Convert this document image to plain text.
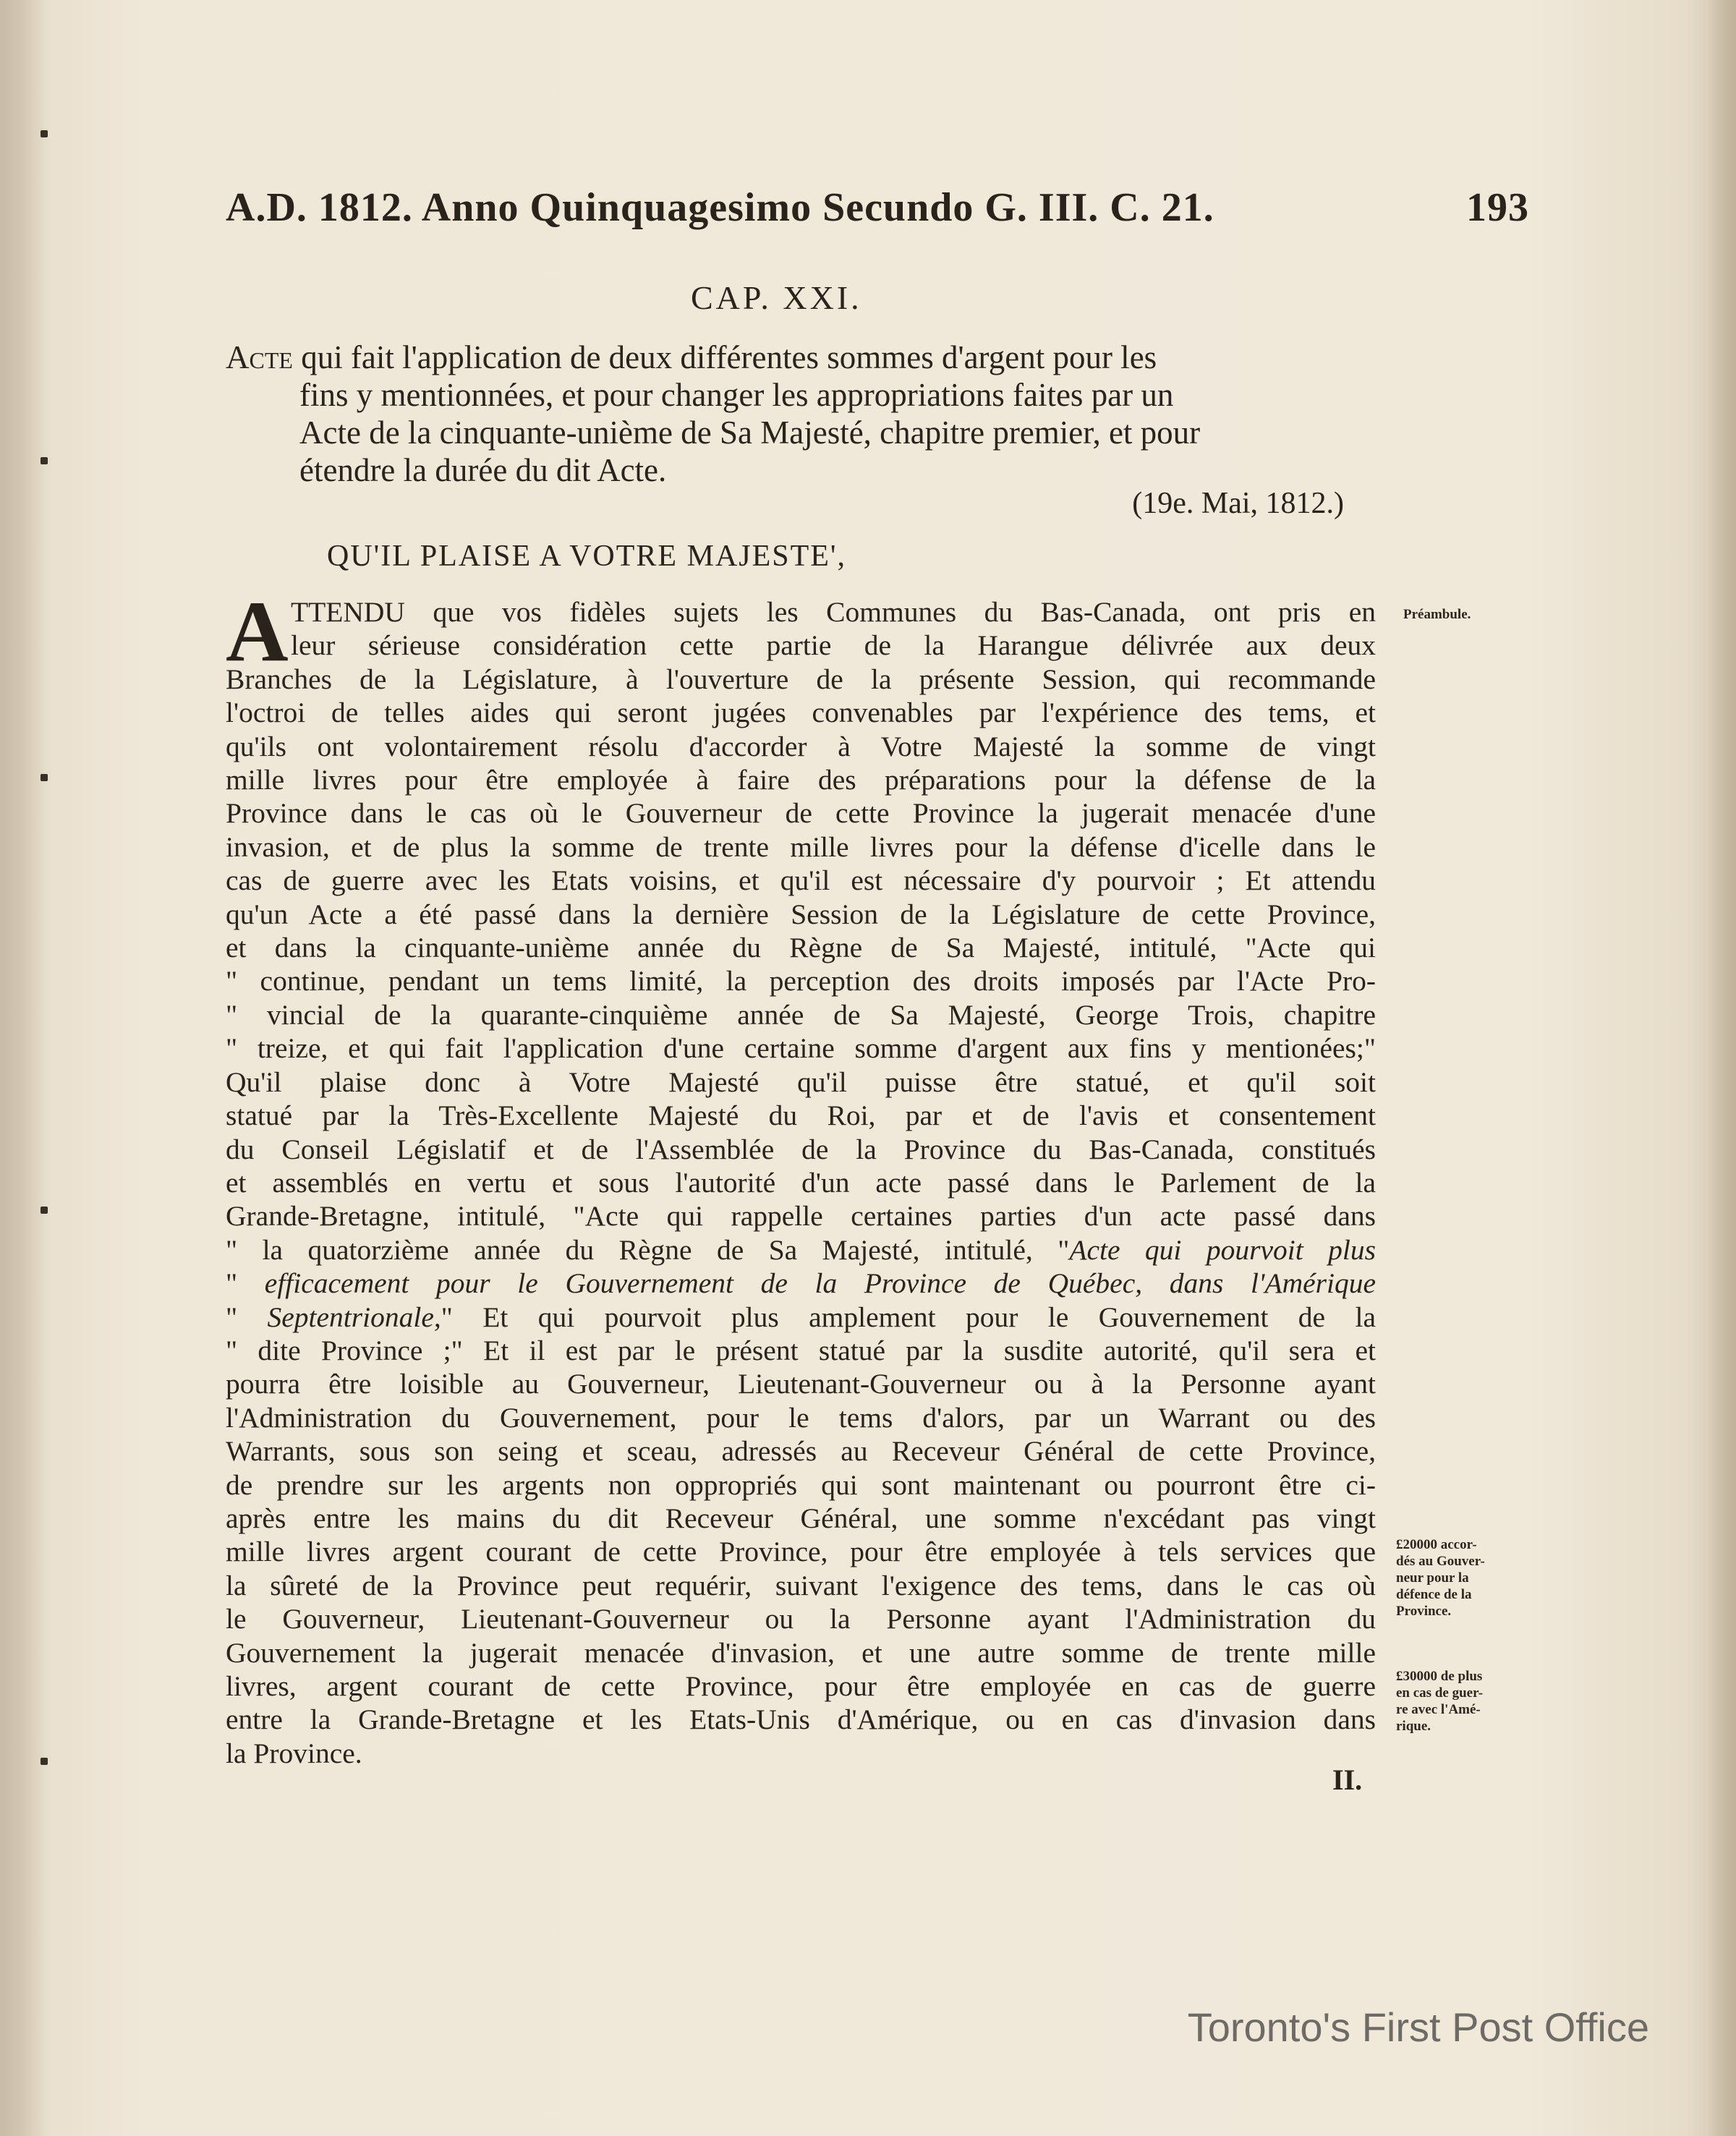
A.D. 1812. Anno Quinquagesimo Secundo G. III. C. 21.	193
CAP. XXI.
Acte qui fait l'application de deux différentes sommes d'argent pour les
fins y mentionnées, et pour changer les appropriations faites par un
Acte de la cinquante-unième de Sa Majesté, chapitre premier, et pour
étendre la durée du dit Acte.
(19e. Mai, 1812.)
QU'IL PLAISE A VOTRE MAJESTE',
A TTENDU que vos fidèles sujets les Communes du Bas-Canada, ont pris en
leur sérieuse considération cette partie de la Harangue délivrée aux deux
Branches de la Législature, à l'ouverture de la présente Session, qui recommande
l'octroi de telles aides qui seront jugées convenables par l'expérience des tems, et
qu'ils ont volontairement résolu d'accorder à Votre Majesté la somme de vingt
mille livres pour être employée à faire des préparations pour la défense de la
Province dans le cas où le Gouverneur de cette Province la jugerait menacée d'une
invasion, et de plus la somme de trente mille livres pour la défense d'icelle dans le
cas de guerre avec les Etats voisins, et qu'il est nécessaire d'y pourvoir ; Et attendu
qu'un Acte a été passé dans la dernière Session de la Législature de cette Province,
et dans la cinquante-unième année du Règne de Sa Majesté, intitulé, "Acte qui
" continue, pendant un tems limité, la perception des droits imposés par l'Acte Pro-
" vincial de la quarante-cinquième année de Sa Majesté, George Trois, chapitre
" treize, et qui fait l'application d'une certaine somme d'argent aux fins y mentionées;"
Qu'il plaise donc à Votre Majesté qu'il puisse être statué, et qu'il soit
statué par la Très-Excellente Majesté du Roi, par et de l'avis et consentement
du Conseil Législatif et de l'Assemblée de la Province du Bas-Canada, constitués
et assemblés en vertu et sous l'autorité d'un acte passé dans le Parlement de la
Grande-Bretagne, intitulé, "Acte qui rappelle certaines parties d'un acte passé dans
" la quatorzième année du Règne de Sa Majesté, intitulé, "Acte qui pourvoit plus
" efficacement pour le Gouvernement de la Province de Québec, dans l'Amérique
" Septentrionale," Et qui pourvoit plus amplement pour le Gouvernement de la
" dite Province ;" Et il est par le présent statué par la susdite autorité, qu'il sera et
pourra être loisible au Gouverneur, Lieutenant-Gouverneur ou à la Personne ayant
l'Administration du Gouvernement, pour le tems d'alors, par un Warrant ou des
Warrants, sous son seing et sceau, adressés au Receveur Général de cette Province,
de prendre sur les argents non oppropriés qui sont maintenant ou pourront être ci-
après entre les mains du dit Receveur Général, une somme n'excédant pas vingt
mille livres argent courant de cette Province, pour être employée à tels services que
la sûreté de la Province peut requérir, suivant l'exigence des tems, dans le cas où
le Gouverneur, Lieutenant-Gouverneur ou la Personne ayant l'Administration du
Gouvernement la jugerait menacée d'invasion, et une autre somme de trente mille
livres, argent courant de cette Province, pour être employée en cas de guerre
entre la Grande-Bretagne et les Etats-Unis d'Amérique, ou en cas d'invasion dans
la Province.
Préambule.
£20000 accor-
dés au Gouver-
neur pour la
défence de la
Province.
£30000 de plus
en cas de guer-
re avec l'Amé-
rique.
II.
Toronto's First Post Office
